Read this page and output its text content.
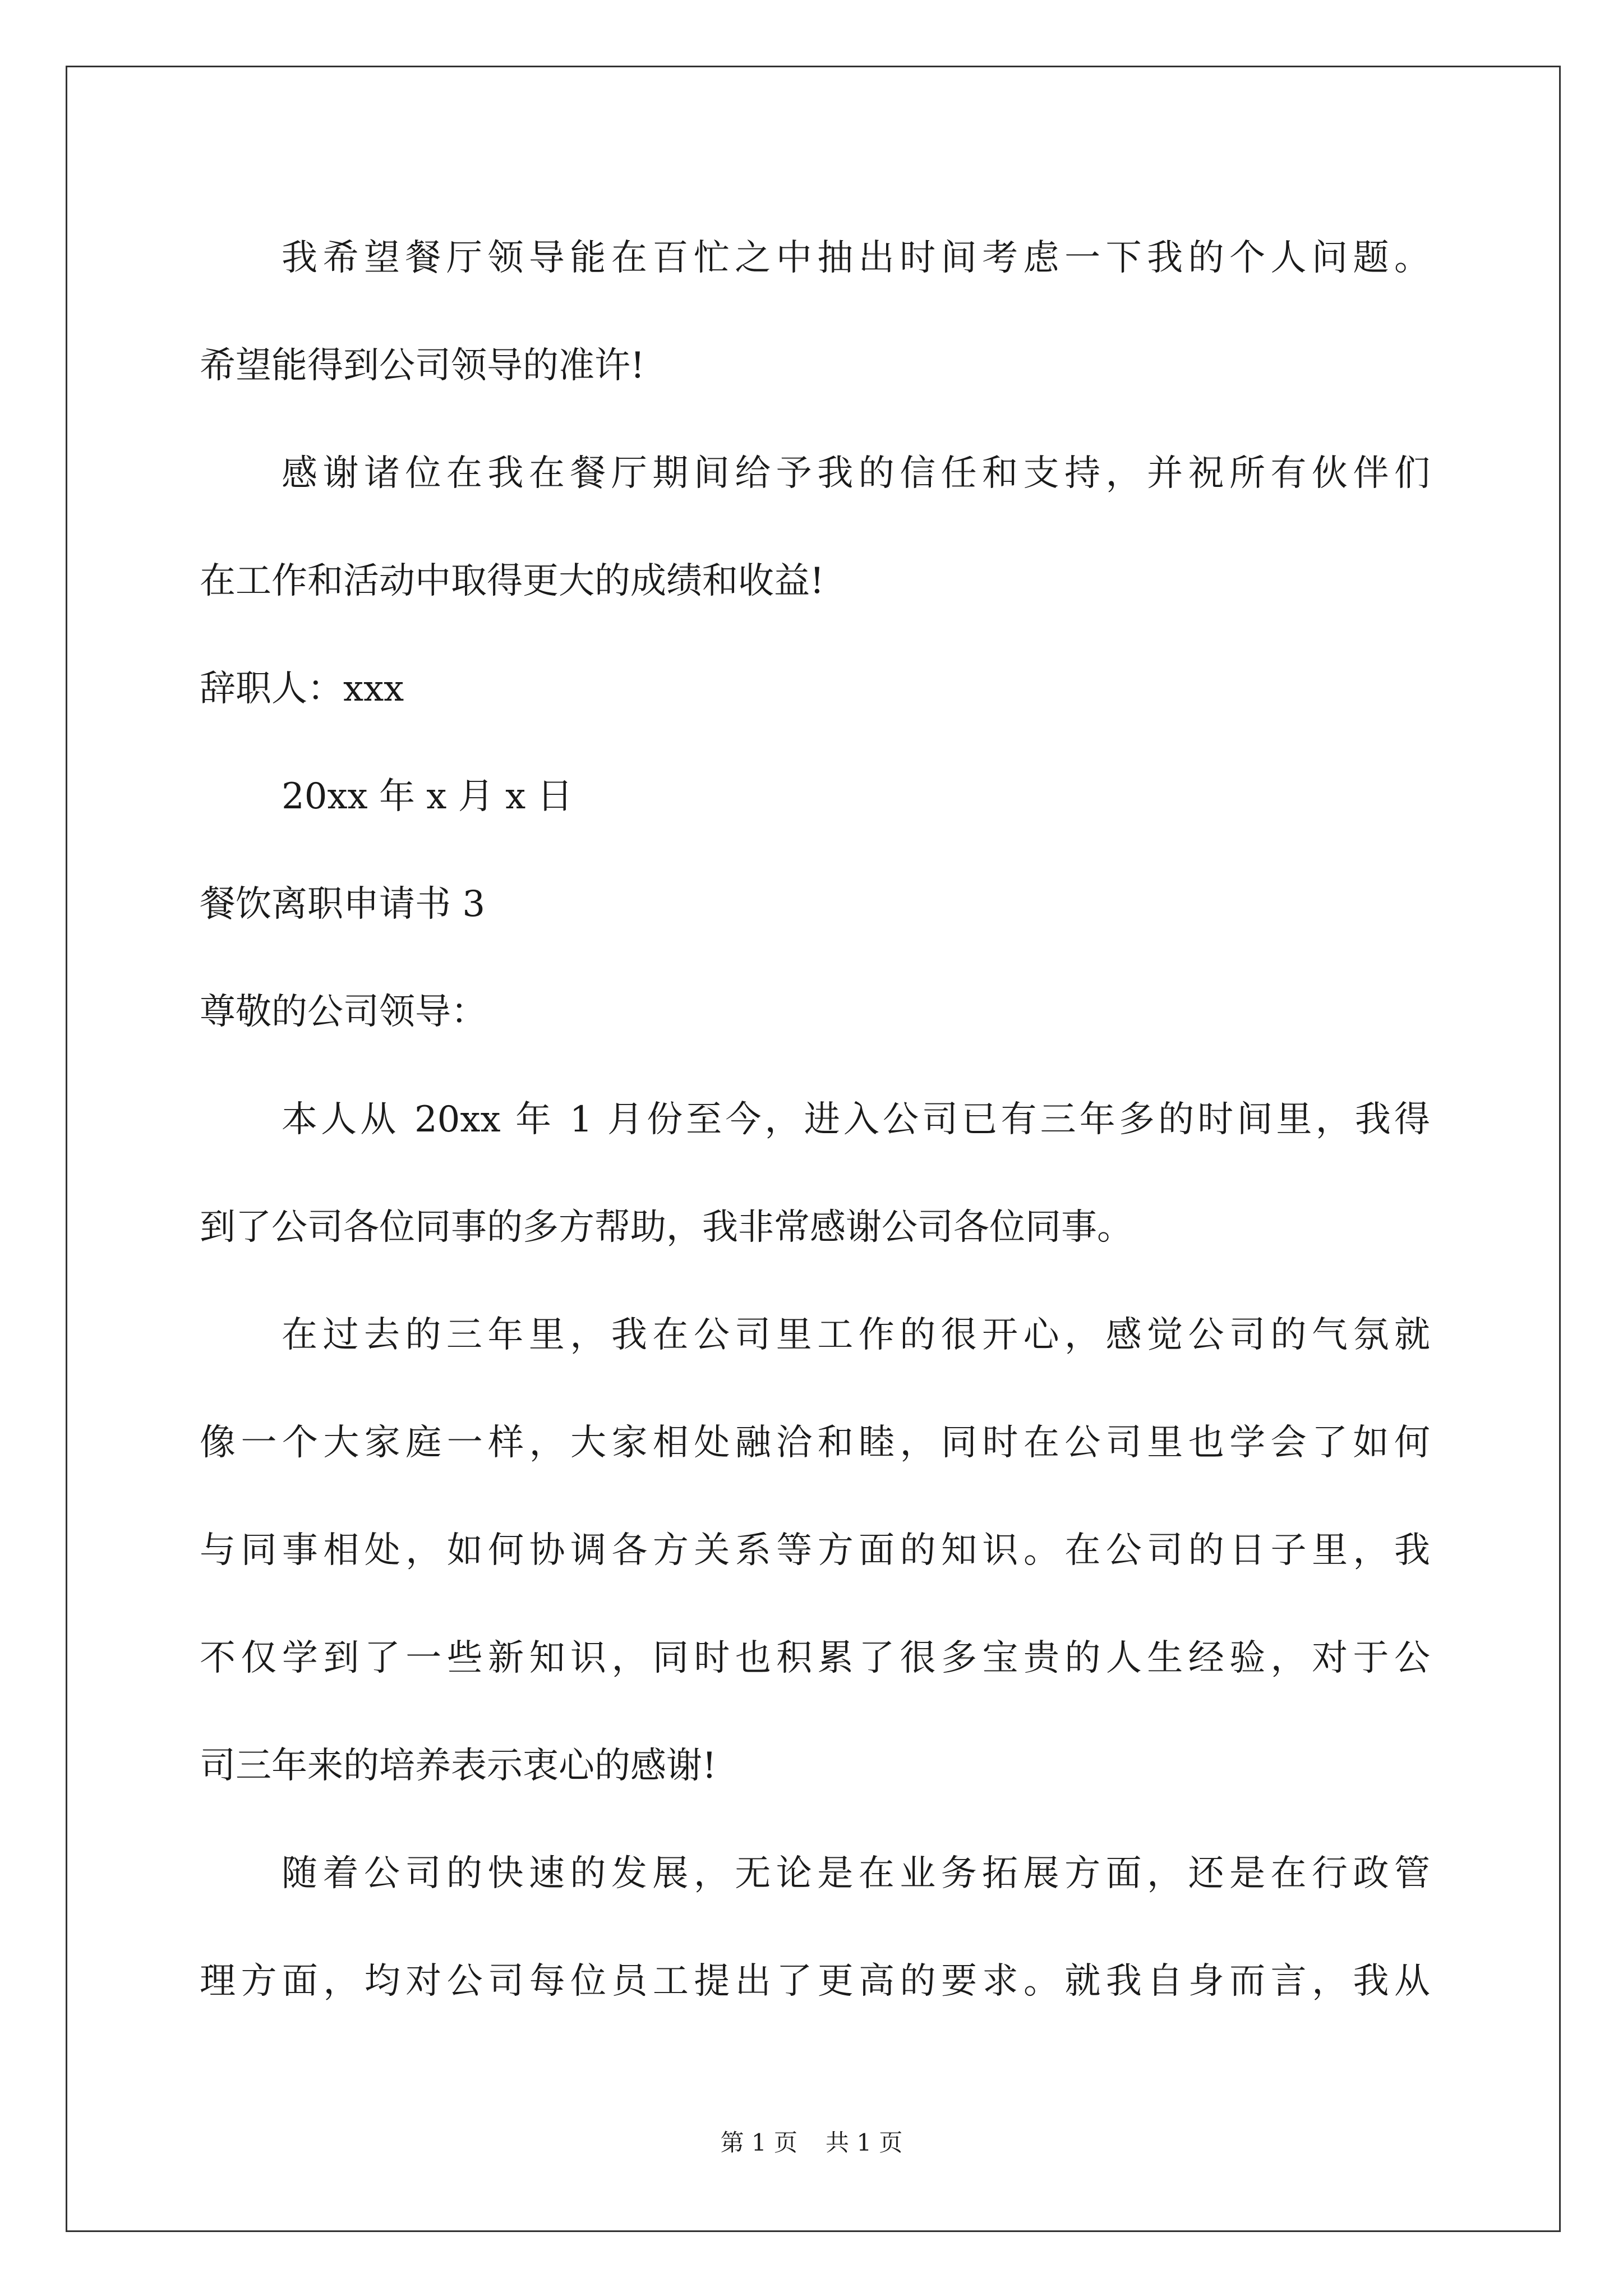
我希望餐厅领导能在百忙之中抽出时间考虑一下我的个人问题。
希望能得到公司领导的准许!
感谢诸位在我在餐厅期间给予我的信任和支持，并祝所有伙伴们
在工作和活动中取得更大的成绩和收益!
辞职人：xxx
20xx 年 x 月 x 日
餐饮离职申请书 3
尊敬的公司领导：
本人从 20xx 年 1 月份至今，进入公司已有三年多的时间里，我得
到了公司各位同事的多方帮助，我非常感谢公司各位同事。
在过去的三年里，我在公司里工作的很开心，感觉公司的气氛就
像一个大家庭一样，大家相处融洽和睦，同时在公司里也学会了如何
与同事相处，如何协调各方关系等方面的知识。在公司的日子里，我
不仅学到了一些新知识，同时也积累了很多宝贵的人生经验，对于公
司三年来的培养表示衷心的感谢!
随着公司的快速的发展，无论是在业务拓展方面，还是在行政管
理方面，均对公司每位员工提出了更高的要求。就我自身而言，我从
第 1 页 共 1 页
